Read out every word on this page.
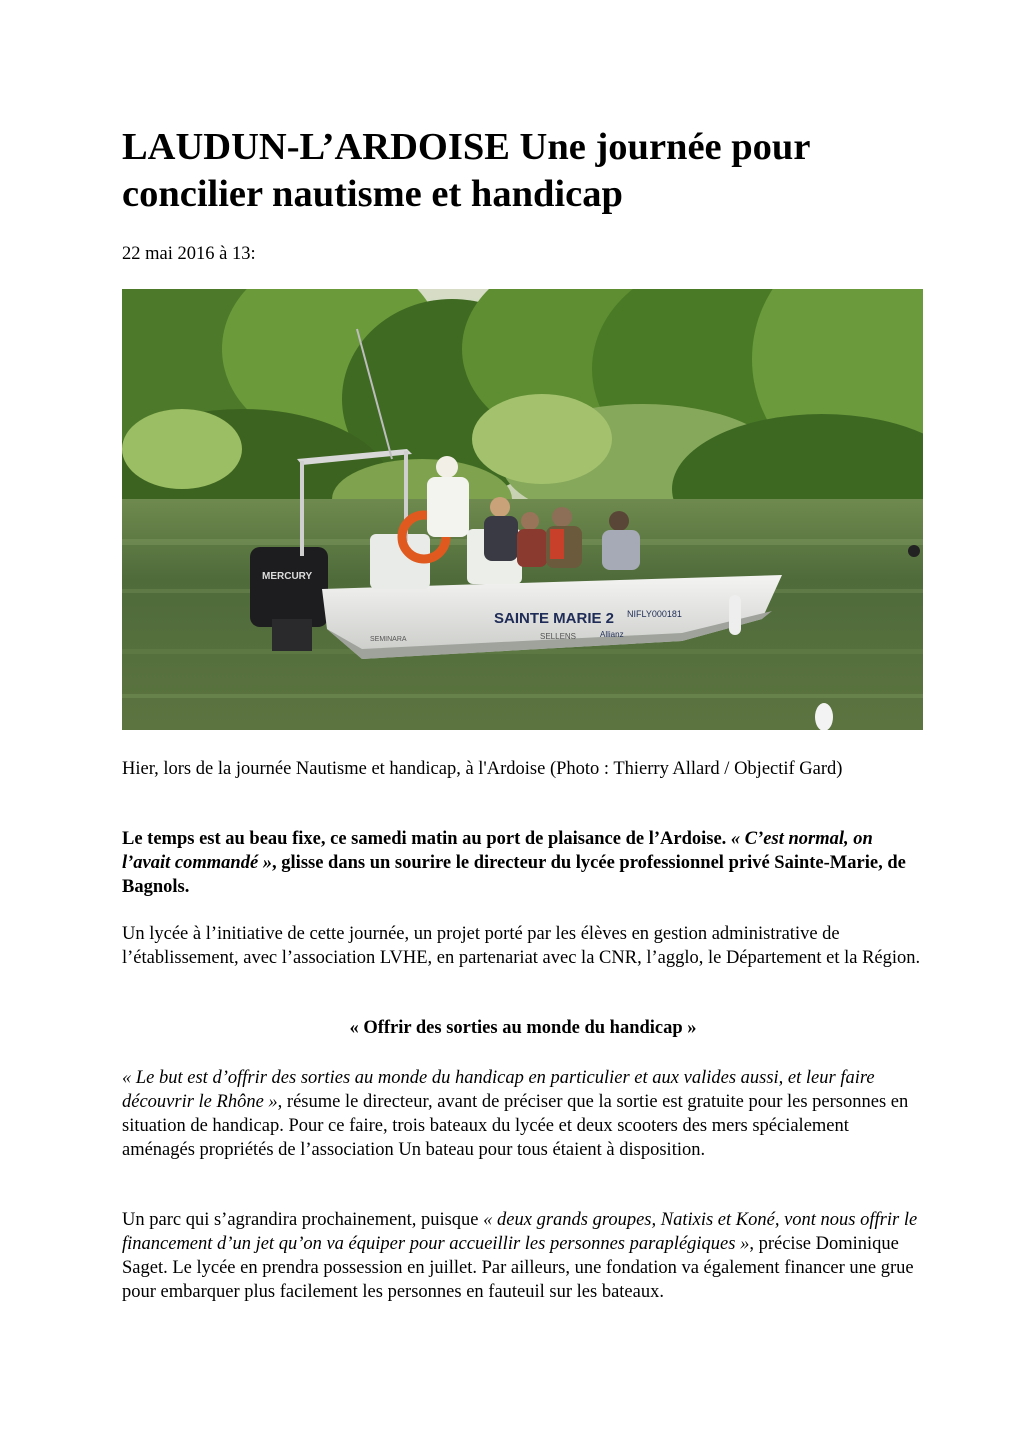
LAUDUN-L’ARDOISE Une journée pour concilier nautisme et handicap

22 mai 2016 à 13:

MERCURY
SAINTE MARIE 2 NIFLY000181
SEMINARA	SELLENS	Allianz

Hier, lors de la journée Nautisme et handicap, à l'Ardoise (Photo : Thierry Allard / Objectif Gard)

Le temps est au beau fixe, ce samedi matin au port de plaisance de l’Ardoise. « C’est normal, on l’avait commandé », glisse dans un sourire le directeur du lycée professionnel privé Sainte-Marie, de Bagnols.

Un lycée à l’initiative de cette journée, un projet porté par les élèves en gestion administrative de l’établissement, avec l’association LVHE, en partenariat avec la CNR, l’agglo, le Département et la Région.

« Offrir des sorties au monde du handicap »

« Le but est d’offrir des sorties au monde du handicap en particulier et aux valides aussi, et leur faire découvrir le Rhône », résume le directeur, avant de préciser que la sortie est gratuite pour les personnes en situation de handicap. Pour ce faire, trois bateaux du lycée et deux scooters des mers spécialement aménagés propriétés de l’association Un bateau pour tous étaient à disposition.

Un parc qui s’agrandira prochainement, puisque « deux grands groupes, Natixis et Koné, vont nous offrir le financement d’un jet qu’on va équiper pour accueillir les personnes paraplégiques », précise Dominique Saget. Le lycée en prendra possession en juillet. Par ailleurs, une fondation va également financer une grue pour embarquer plus facilement les personnes en fauteuil sur les bateaux.
